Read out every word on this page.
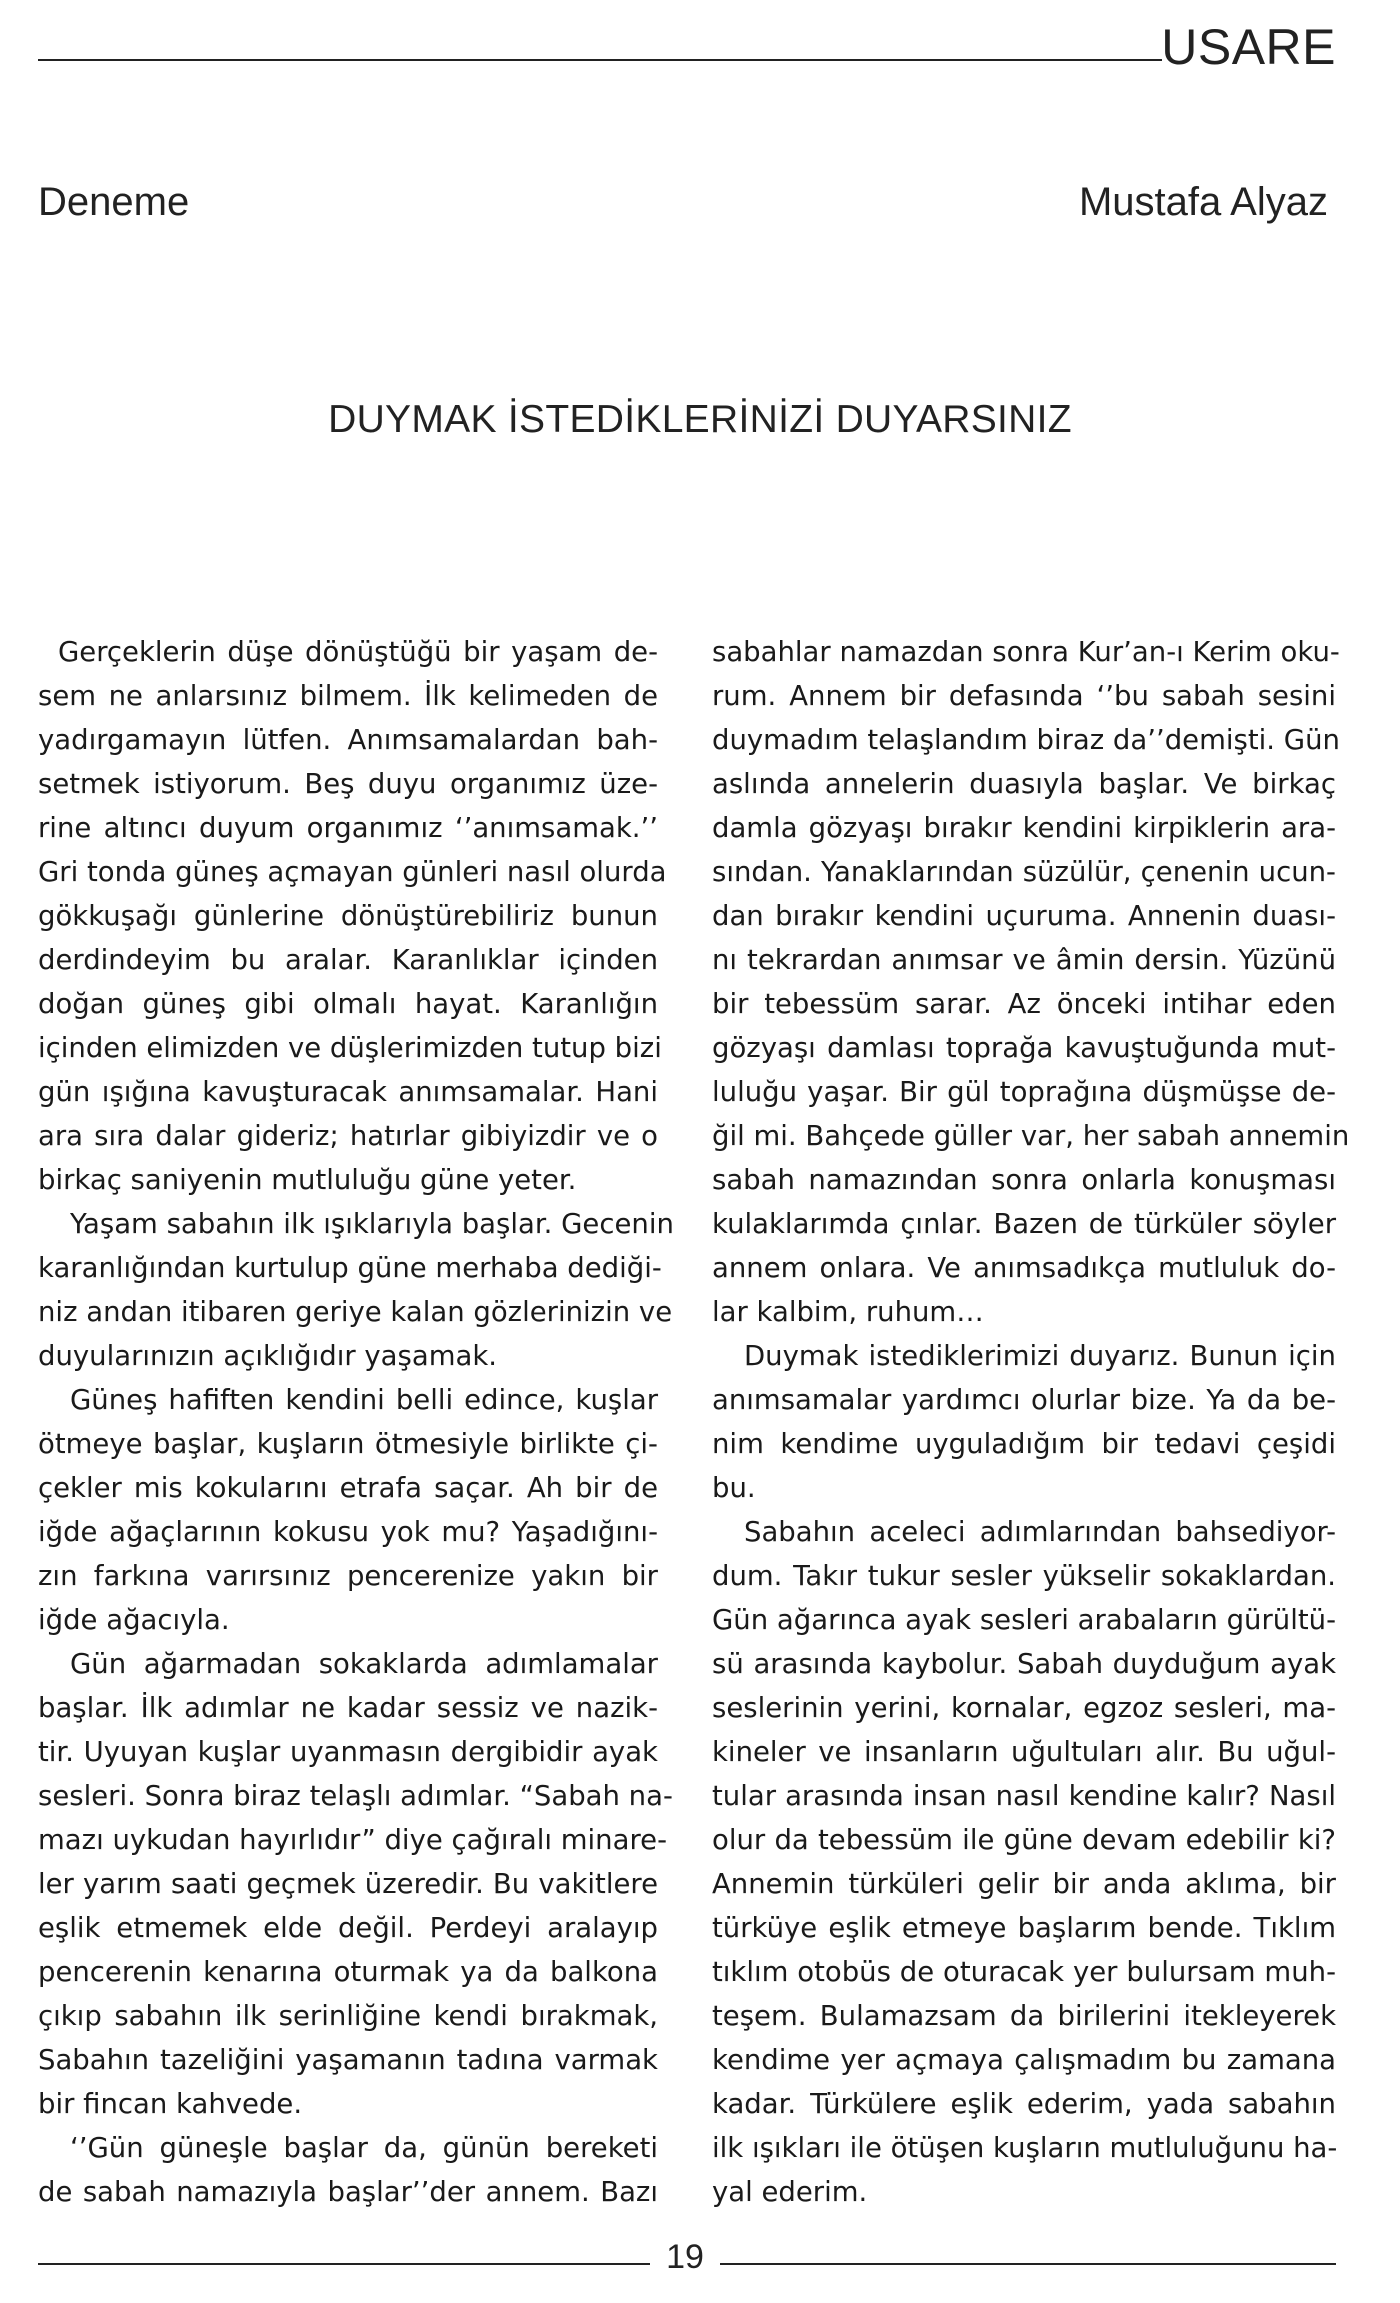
USARE
Deneme	Mustafa Alyaz
DUYMAK İSTEDİKLERİNİZİ DUYARSINIZ
Gerçeklerin düşe dönüştüğü bir yaşam de-
sem ne anlarsınız bilmem. İlk kelimeden de
yadırgamayın lütfen. Anımsamalardan bah-
setmek istiyorum. Beş duyu organımız üze-
rine altıncı duyum organımız ‘’anımsamak.’’
Gri tonda güneş açmayan günleri nasıl olurda
gökkuşağı günlerine dönüştürebiliriz bunun
derdindeyim bu aralar. Karanlıklar içinden
doğan güneş gibi olmalı hayat. Karanlığın
içinden elimizden ve düşlerimizden tutup bizi
gün ışığına kavuşturacak anımsamalar. Hani
ara sıra dalar gideriz; hatırlar gibiyizdir ve o
birkaç saniyenin mutluluğu güne yeter.
Yaşam sabahın ilk ışıklarıyla başlar. Gecenin
karanlığından kurtulup güne merhaba dediği-
niz andan itibaren geriye kalan gözlerinizin ve
duyularınızın açıklığıdır yaşamak.
Güneş hafiften kendini belli edince, kuşlar
ötmeye başlar, kuşların ötmesiyle birlikte çi-
çekler mis kokularını etrafa saçar. Ah bir de
iğde ağaçlarının kokusu yok mu? Yaşadığını-
zın farkına varırsınız pencerenize yakın bir
iğde ağacıyla.
Gün ağarmadan sokaklarda adımlamalar
başlar. İlk adımlar ne kadar sessiz ve nazik-
tir. Uyuyan kuşlar uyanmasın dergibidir ayak
sesleri. Sonra biraz telaşlı adımlar. “Sabah na-
mazı uykudan hayırlıdır” diye çağıralı minare-
ler yarım saati geçmek üzeredir. Bu vakitlere
eşlik etmemek elde değil. Perdeyi aralayıp
pencerenin kenarına oturmak ya da balkona
çıkıp sabahın ilk serinliğine kendi bırakmak,
Sabahın tazeliğini yaşamanın tadına varmak
bir fincan kahvede.
‘’Gün güneşle başlar da, günün bereketi
de sabah namazıyla başlar’’der annem. Bazı
sabahlar namazdan sonra Kur’an-ı Kerim oku-
rum. Annem bir defasında ‘’bu sabah sesini
duymadım telaşlandım biraz da’’demişti. Gün
aslında annelerin duasıyla başlar. Ve birkaç
damla gözyaşı bırakır kendini kirpiklerin ara-
sından. Yanaklarından süzülür, çenenin ucun-
dan bırakır kendini uçuruma. Annenin duası-
nı tekrardan anımsar ve âmin dersin. Yüzünü
bir tebessüm sarar. Az önceki intihar eden
gözyaşı damlası toprağa kavuştuğunda mut-
luluğu yaşar. Bir gül toprağına düşmüşse de-
ğil mi. Bahçede güller var, her sabah annemin
sabah namazından sonra onlarla konuşması
kulaklarımda çınlar. Bazen de türküler söyler
annem onlara. Ve anımsadıkça mutluluk do-
lar kalbim, ruhum…
Duymak istediklerimizi duyarız. Bunun için
anımsamalar yardımcı olurlar bize. Ya da be-
nim kendime uyguladığım bir tedavi çeşidi
bu.
Sabahın aceleci adımlarından bahsediyor-
dum. Takır tukur sesler yükselir sokaklardan.
Gün ağarınca ayak sesleri arabaların gürültü-
sü arasında kaybolur. Sabah duyduğum ayak
seslerinin yerini, kornalar, egzoz sesleri, ma-
kineler ve insanların uğultuları alır. Bu uğul-
tular arasında insan nasıl kendine kalır? Nasıl
olur da tebessüm ile güne devam edebilir ki?
Annemin türküleri gelir bir anda aklıma, bir
türküye eşlik etmeye başlarım bende. Tıklım
tıklım otobüs de oturacak yer bulursam muh-
teşem. Bulamazsam da birilerini itekleyerek
kendime yer açmaya çalışmadım bu zamana
kadar. Türkülere eşlik ederim, yada sabahın
ilk ışıkları ile ötüşen kuşların mutluluğunu ha-
yal ederim.
19
